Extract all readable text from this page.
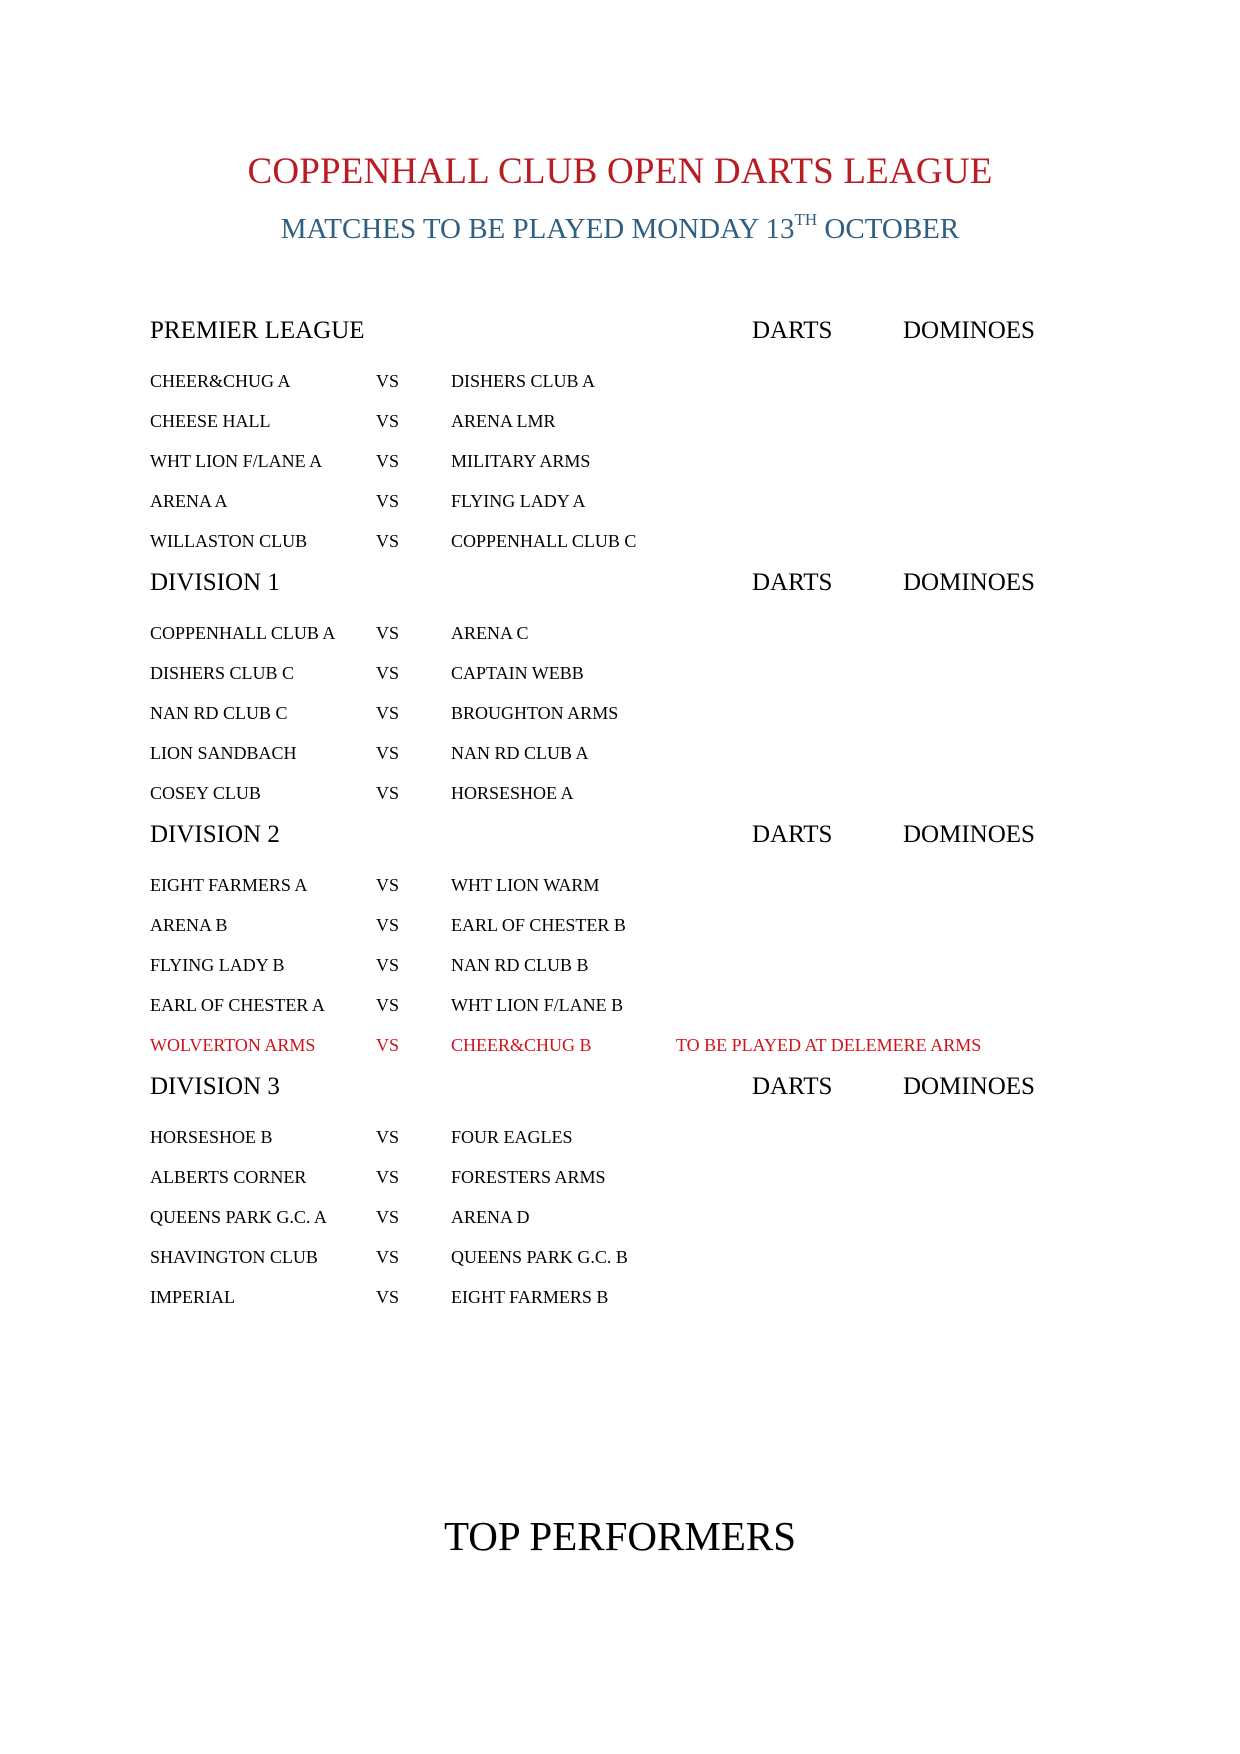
COPPENHALL CLUB OPEN DARTS LEAGUE
MATCHES TO BE PLAYED MONDAY 13TH OCTOBER
PREMIER LEAGUE	DARTS	DOMINOES
CHEER&CHUG A	VS	DISHERS CLUB A
CHEESE HALL	VS	ARENA LMR
WHT LION F/LANE A	VS	MILITARY ARMS
ARENA A	VS	FLYING LADY A
WILLASTON CLUB	VS	COPPENHALL CLUB C
DIVISION 1	DARTS	DOMINOES
COPPENHALL CLUB A VS	ARENA C
DISHERS CLUB C	VS	CAPTAIN WEBB
NAN RD CLUB C	VS	BROUGHTON ARMS
LION SANDBACH	VS	NAN RD CLUB A
COSEY CLUB	VS	HORSESHOE A
DIVISION 2	DARTS	DOMINOES
EIGHT FARMERS A	VS	WHT LION WARM
ARENA B	VS	EARL OF CHESTER B
FLYING LADY B	VS	NAN RD CLUB B
EARL OF CHESTER A	VS	WHT LION F/LANE B
WOLVERTON ARMS	VS	CHEER&CHUG B	TO BE PLAYED AT DELEMERE ARMS
DIVISION 3	DARTS	DOMINOES
HORSESHOE B	VS	FOUR EAGLES
ALBERTS CORNER	VS	FORESTERS ARMS
QUEENS PARK G.C. A	VS	ARENA D
SHAVINGTON CLUB	VS	QUEENS PARK G.C. B
IMPERIAL	VS	EIGHT FARMERS B
TOP PERFORMERS
